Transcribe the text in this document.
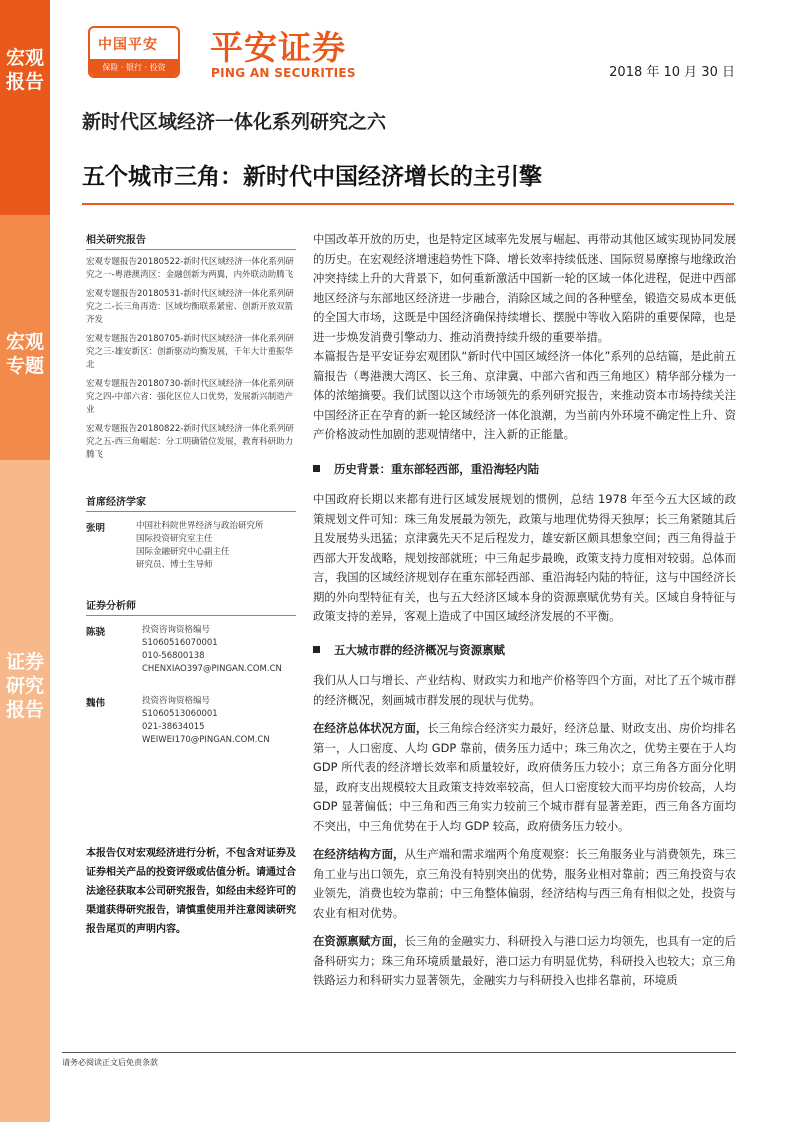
宏观报告
宏观专题
证券研究报告
中国平安
保险 · 银行 · 投资
平安证券
PING AN SECURITIES	2018 年 10 月 30 日
新时代区域经济一体化系列研究之六
五个城市三角：新时代中国经济增长的主引擎
相关研究报告
宏观专题报告20180522-新时代区域经济一体化系列研究之一-粤港澳湾区：金融创新为两翼，内外联动助腾飞
宏观专题报告20180531-新时代区域经济一体化系列研究之二-长三角再造：区域均衡联系紧密、创新开放双箭齐发
宏观专题报告20180705-新时代区域经济一体化系列研究之三-雄安新区：创新驱动均衡发展，千年大计重振华北
宏观专题报告20180730-新时代区域经济一体化系列研究之四-中部六省：强化区位人口优势，发展新兴制造产业
宏观专题报告20180822-新时代区域经济一体化系列研究之五-西三角崛起：分工明确错位发展，教育科研助力腾飞
首席经济学家
张明	中国社科院世界经济与政治研究所
国际投资研究室主任
国际金融研究中心副主任
研究员、博士生导师
证券分析师
陈骁	投资咨询资格编号
S1060516070001
010-56800138
CHENXIAO397@PINGAN.COM.CN
魏伟	投资咨询资格编号
S1060513060001
021-38634015
WEIWEI170@PINGAN.COM.CN
本报告仅对宏观经济进行分析，不包含对证券及证券相关产品的投资评级或估值分析。请通过合法途径获取本公司研究报告，如经由未经许可的渠道获得研究报告，请慎重使用并注意阅读研究报告尾页的声明内容。

中国改革开放的历史，也是特定区域率先发展与崛起、再带动其他区域实现协同发展的历史。在宏观经济增速趋势性下降、增长效率持续低迷、国际贸易摩擦与地缘政治冲突持续上升的大背景下，如何重新激活中国新一轮的区域一体化进程，促进中西部地区经济与东部地区经济进一步融合，消除区域之间的各种壁垒，锻造交易成本更低的全国大市场，这既是中国经济确保持续增长、摆脱中等收入陷阱的重要保障，也是进一步焕发消费引擎动力、推动消费持续升级的重要举措。

本篇报告是平安证券宏观团队“新时代中国区域经济一体化”系列的总结篇，是此前五篇报告（粤港澳大湾区、长三角、京津冀、中部六省和西三角地区）精华部分様为一体的浓缩摘要。我们试图以这个市场领先的系列研究报告，来推动资本市场持续关注中国经济正在孕育的新一轮区域经济一体化浪潮，为当前内外环境不确定性上升、资产价格波动性加剧的悲观情绪中，注入新的正能量。

历史背景：重东部轻西部，重沿海轻内陆

中国政府长期以来都有进行区域发展规划的惯例，总结 1978 年至今五大区域的政策规划文件可知：珠三角发展最为领先，政策与地理优势得天独厚；长三角紧随其后且发展势头迅猛；京津冀先天不足后程发力，雄安新区颇具想象空间；西三角得益于西部大开发战略，规划按部就班；中三角起步最晚，政策支持力度相对较弱。总体而言，我国的区域经济规划存在重东部轻西部、重沿海轻内陆的特征，这与中国经济长期的外向型特征有关，也与五大经济区域本身的资源禀赋优势有关。区域自身特征与政策支持的差异，客观上造成了中国区域经济发展的不平衡。

五大城市群的经济概况与资源禀赋

我们从人口与增长、产业结构、财政实力和地产价格等四个方面，对比了五个城市群的经济概况，刻画城市群发展的现状与优势。

在经济总体状况方面，长三角综合经济实力最好，经济总量、财政支出、房价均排名第一，人口密度、人均 GDP 靠前，债务压力适中；珠三角次之，优势主要在于人均 GDP 所代表的经济增长效率和质量较好，政府债务压力较小；京三角各方面分化明显，政府支出规模较大且政策支持效率较高，但人口密度较大而平均房价较高，人均 GDP 显著偏低；中三角和西三角实力较前三个城市群有显著差距，西三角各方面均不突出，中三角优势在于人均 GDP 较高，政府债务压力较小。

在经济结构方面，从生产端和需求端两个角度观察：长三角服务业与消费领先，珠三角工业与出口领先，京三角没有特别突出的优势，服务业相对靠前；西三角投资与农业领先，消费也较为靠前；中三角整体偏弱，经济结构与西三角有相似之处，投资与农业有相对优势。

在资源禀赋方面，长三角的金融实力、科研投入与港口运力均领先，也具有一定的后备科研实力；珠三角环境质量最好，港口运力有明显优势，科研投入也较大；京三角铁路运力和科研实力显著领先，金融实力与科研投入也排名靠前，环境质

请务必阅读正文后免责条款
